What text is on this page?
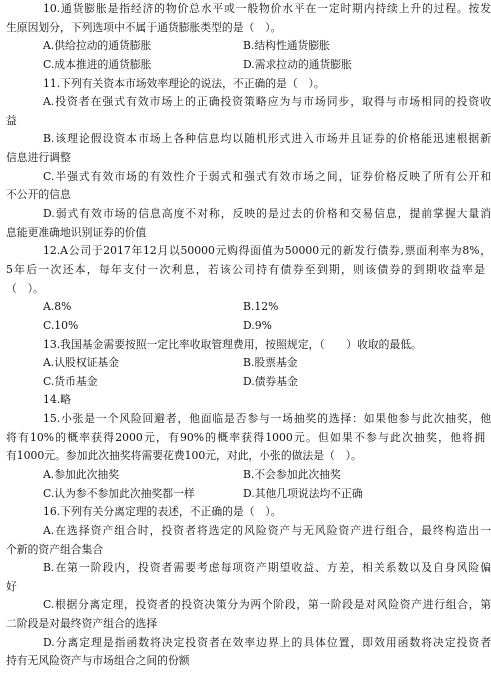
10.通货膨胀是指经济的物价总水平或一般物价水平在一定时期内持续上升的过程。按发
生原因划分，下列选项中不属于通货膨胀类型的是（　）。
A.供给拉动的通货膨胀	B.结构性通货膨胀
C.成本推进的通货膨胀	D.需求拉动的通货膨胀
11.下列有关资本市场效率理论的说法，不正确的是（　）。
A.投资者在强式有效市场上的正确投资策略应为与市场同步，取得与市场相同的投资收
益
B.该理论假设资本市场上各种信息均以随机形式进入市场并且证券的价格能迅速根据新
信息进行调整
C.半强式有效市场的有效性介于弱式和强式有效市场之间，证券价格反映了所有公开和
不公开的信息
D.弱式有效市场的信息高度不对称，反映的是过去的价格和交易信息，提前掌握大量消
息能更准确地识别证券的价值
12.A公司于2017年12月以50000元购得面值为50000元的新发行债券,票面利率为8%，
5年后一次还本，每年支付一次利息，若该公司持有债券至到期，则该债券的到期收益率是
（　）。
A.8%	B.12%
C.10%	D.9%
13.我国基金需要按照一定比率收取管理费用，按照规定，（　　）收取的最低。
A.认股权证基金	B.股票基金
C.货币基金	D.债券基金
14.略
15.小张是一个风险回避者，他面临是否参与一场抽奖的选择：如果他参与此次抽奖，他
将有10%的概率获得2000元，有90%的概率获得1000元。但如果不参与此次抽奖，他将拥
有1000元。参加此次抽奖将需要花费100元，对此，小张的做法是（　）。
A.参加此次抽奖	B.不会参加此次抽奖
C.认为参不参加此次抽奖都一样	D.其他几项说法均不正确
16.下列有关分离定理的表述，不正确的是（　）。
A.在选择资产组合时，投资者将选定的风险资产与无风险资产进行组合，最终构造出一
个新的资产组合集合
B.在第一阶段内，投资者需要考虑每项资产期望收益、方差，相关系数以及自身风险偏
好
C.根据分离定理，投资者的投资决策分为两个阶段，第一阶段是对风险资产进行组合，第
二阶段是对最终资产组合的选择
D.分离定理是指函数将决定投资者在效率边界上的具体位置，即效用函数将决定投资者
持有无风险资产与市场组合之间的份额
